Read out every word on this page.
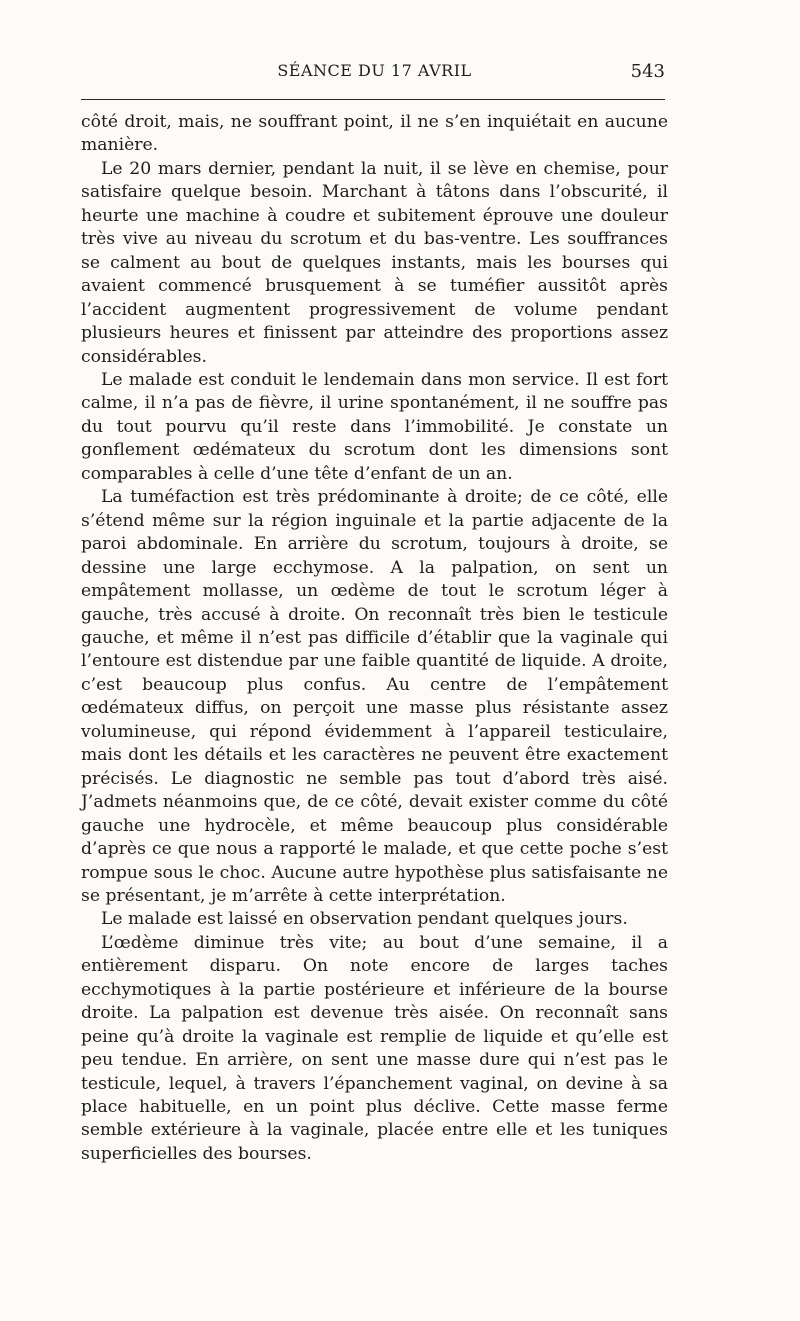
SÉANCE DU 17 AVRIL	543

côté droit, mais, ne souffrant point, il ne s’en inquiétait en aucune manière.

Le 20 mars dernier, pendant la nuit, il se lève en chemise, pour satisfaire quelque besoin. Marchant à tâtons dans l’obscurité, il heurte une machine à coudre et subitement éprouve une douleur très vive au niveau du scrotum et du bas-ventre. Les souffrances se calment au bout de quelques instants, mais les bourses qui avaient commencé brusquement à se tuméfier aussitôt après l’accident augmentent progressivement de volume pendant plusieurs heures et finissent par atteindre des proportions assez considérables.

Le malade est conduit le lendemain dans mon service. Il est fort calme, il n’a pas de fièvre, il urine spontanément, il ne souffre pas du tout pourvu qu’il reste dans l’immobilité. Je constate un gonflement œdémateux du scrotum dont les dimensions sont comparables à celle d’une tête d’enfant de un an.

La tuméfaction est très prédominante à droite; de ce côté, elle s’étend même sur la région inguinale et la partie adjacente de la paroi abdominale. En arrière du scrotum, toujours à droite, se dessine une large ecchymose. A la palpation, on sent un empâtement mollasse, un œdème de tout le scrotum léger à gauche, très accusé à droite. On reconnaît très bien le testicule gauche, et même il n’est pas difficile d’établir que la vaginale qui l’entoure est distendue par une faible quantité de liquide. A droite, c’est beaucoup plus confus. Au centre de l’empâtement œdémateux diffus, on perçoit une masse plus résistante assez volumineuse, qui répond évidemment à l’appareil testiculaire, mais dont les détails et les caractères ne peuvent être exactement précisés. Le diagnostic ne semble pas tout d’abord très aisé. J’admets néanmoins que, de ce côté, devait exister comme du côté gauche une hydrocèle, et même beaucoup plus considérable d’après ce que nous a rapporté le malade, et que cette poche s’est rompue sous le choc. Aucune autre hypothèse plus satisfaisante ne se présentant, je m’arrête à cette interprétation.

Le malade est laissé en observation pendant quelques jours.

L’œdème diminue très vite; au bout d’une semaine, il a entièrement disparu. On note encore de larges taches ecchymotiques à la partie postérieure et inférieure de la bourse droite. La palpation est devenue très aisée. On reconnaît sans peine qu’à droite la vaginale est remplie de liquide et qu’elle est peu tendue. En arrière, on sent une masse dure qui n’est pas le testicule, lequel, à travers l’épanchement vaginal, on devine à sa place habituelle, en un point plus déclive. Cette masse ferme semble extérieure à la vaginale, placée entre elle et les tuniques superficielles des bourses.
